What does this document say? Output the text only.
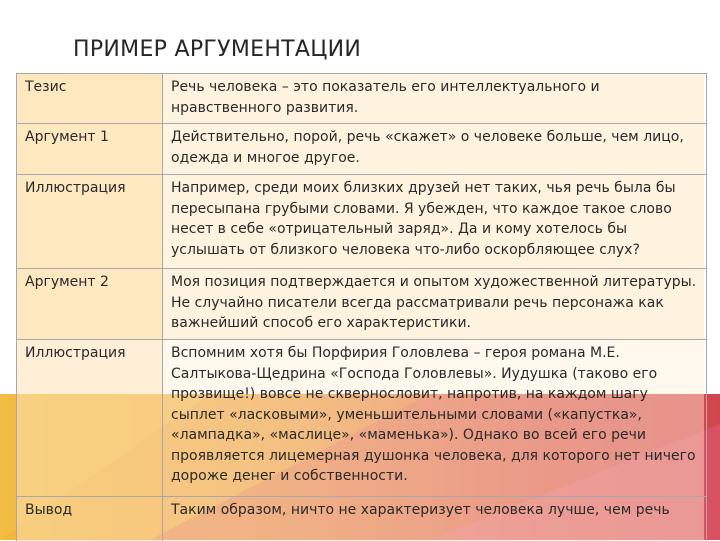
ПРИМЕР АРГУМЕНТАЦИИ
Тезис	Речь человека – это показатель его интеллектуального и нравственного развития.
Аргумент 1	Действительно, порой, речь «скажет» о человеке больше, чем лицо, одежда и многое другое.
Иллюстрация	Например, среди моих близких друзей нет таких, чья речь была бы пересыпана грубыми словами. Я убежден, что каждое такое слово несет в себе «отрицательный заряд». Да и кому хотелось бы услышать от близкого человека что-либо оскорбляющее слух?
Аргумент 2	Моя позиция подтверждается и опытом художественной литературы. Не случайно писатели всегда рассматривали речь персонажа как важнейший способ его характеристики.
Иллюстрация	Вспомним хотя бы Порфирия Головлева – героя романа М.Е. Салтыкова-Щедрина «Господа Головлевы». Иудушка (таково его прозвище!) вовсе не сквернословит, напротив, на каждом шагу сыплет «ласковыми», уменьшительными словами («капустка», «лампадка», «маслице», «маменька»). Однако во всей его речи проявляется лицемерная душонка человека, для которого нет ничего дороже денег и собственности.
Вывод	Таким образом, ничто не характеризует человека лучше, чем речь
